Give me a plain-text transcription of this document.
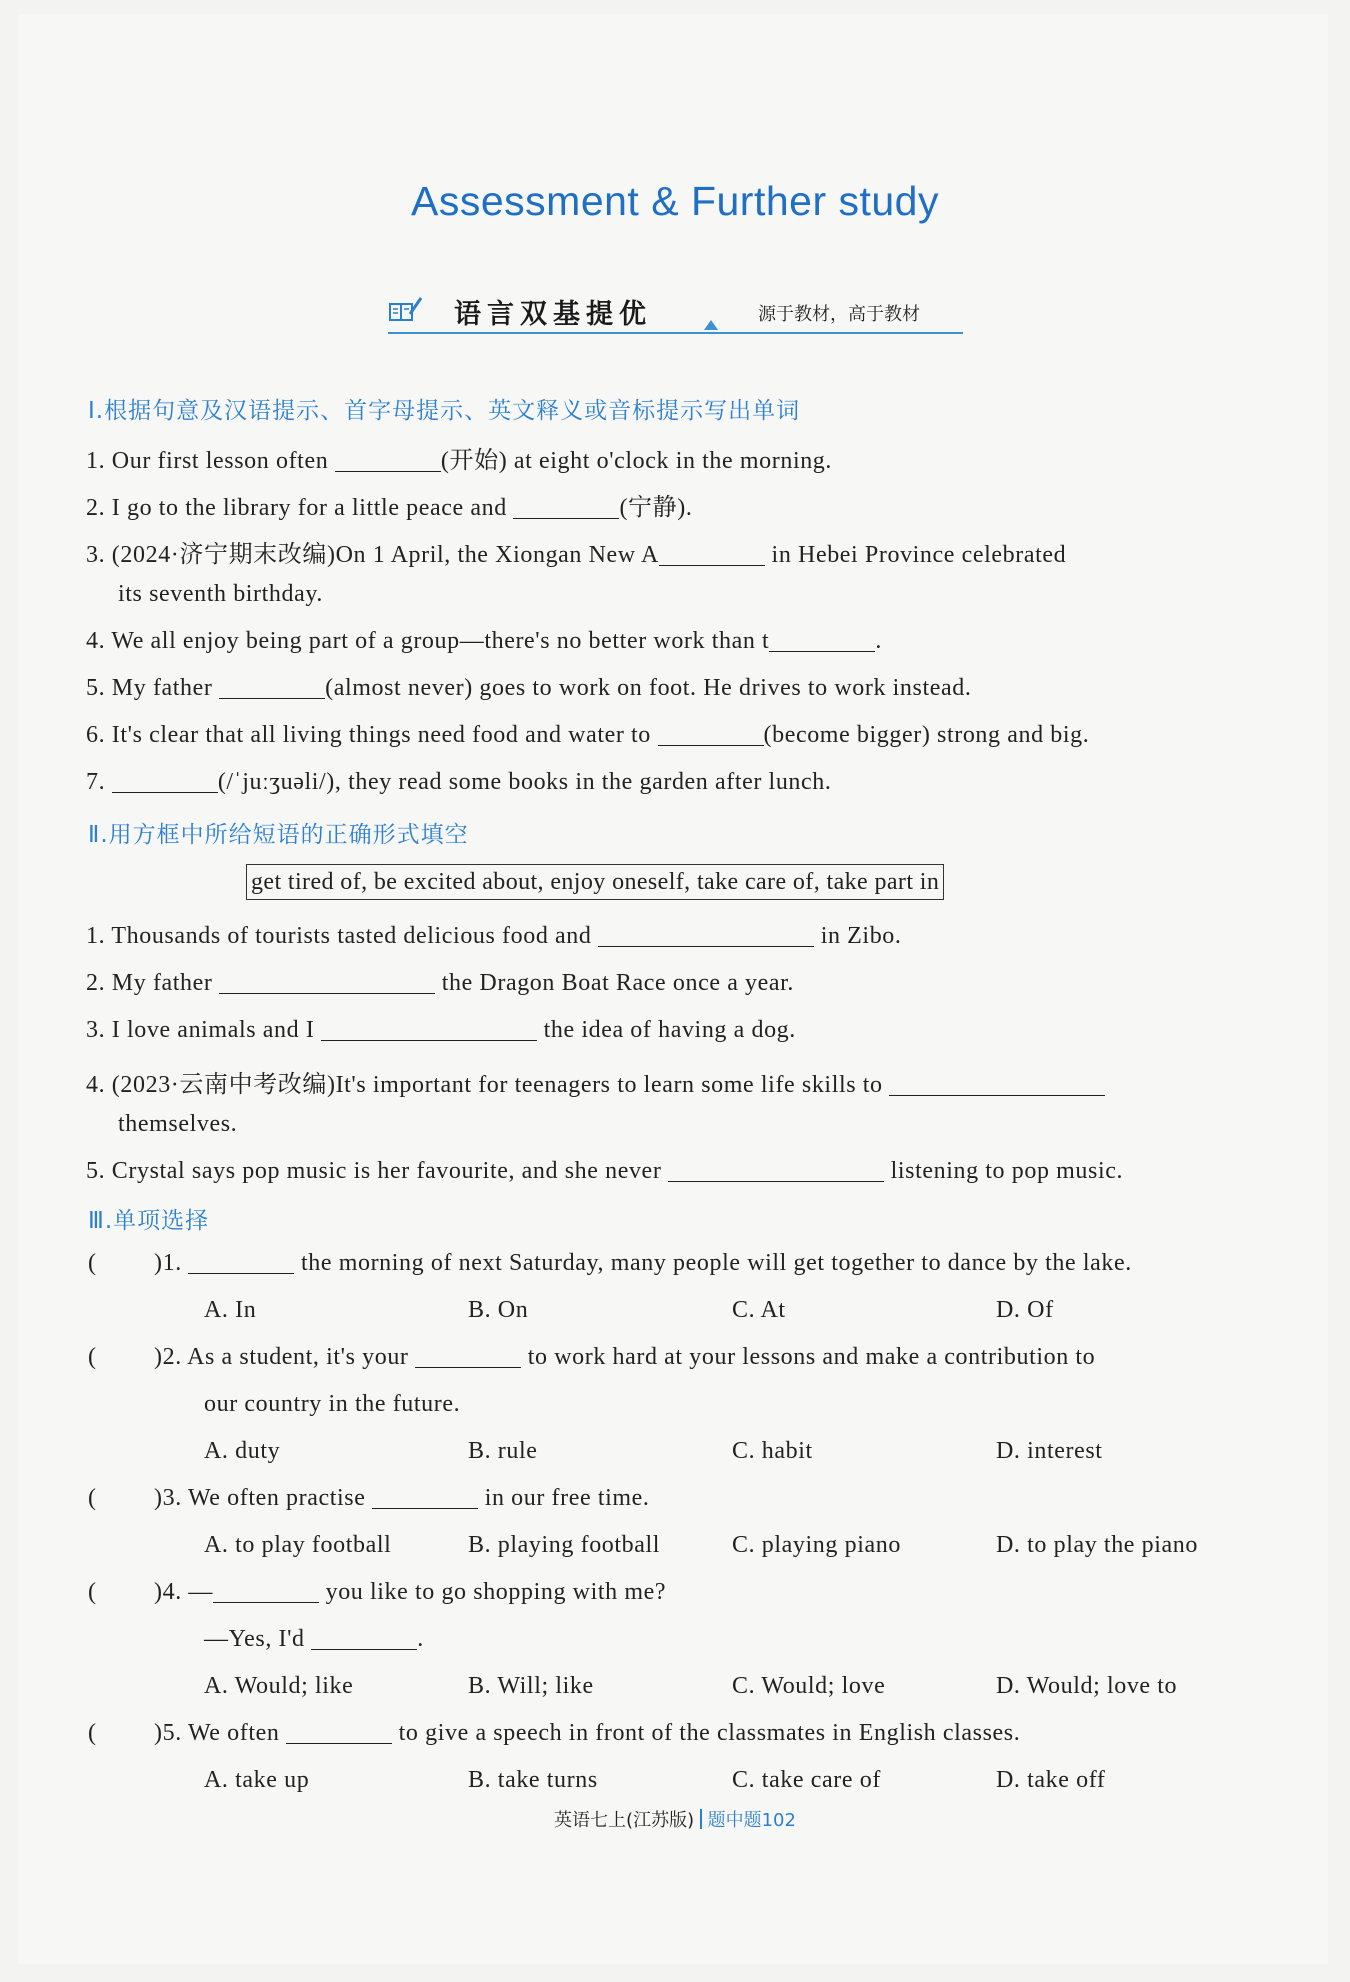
Assessment & Further study
语言双基提优	源于教材，高于教材
Ⅰ.根据句意及汉语提示、首字母提示、英文释义或音标提示写出单词
1. Our first lesson often	(开始) at eight o'clock in the morning.
2. I go to the library for a little peace and	(宁静).
3. (2024·济宁期末改编)On 1 April, the Xiongan New A	in Hebei Province celebrated
its seventh birthday.
4. We all enjoy being part of a group—there's no better work than t	.
5. My father	(almost never) goes to work on foot. He drives to work instead.
6. It's clear that all living things need food and water to	(become bigger) strong and big.
7.	(/ˈjuːʒuəli/), they read some books in the garden after lunch.
Ⅱ.用方框中所给短语的正确形式填空
get tired of, be excited about, enjoy oneself, take care of, take part in
1. Thousands of tourists tasted delicious food and	in Zibo.
2. My father	the Dragon Boat Race once a year.
3. I love animals and I	the idea of having a dog.
4. (2023·云南中考改编)It's important for teenagers to learn some life skills to
themselves.
5. Crystal says pop music is her favourite, and she never	listening to pop music.
Ⅲ.单项选择
( )1.	the morning of next Saturday, many people will get together to dance by the lake.
A. In	B. On	C. At	D. Of
( )2. As a student, it's your	to work hard at your lessons and make a contribution to
our country in the future.
A. duty	B. rule	C. habit	D. interest
( )3. We often practise	in our free time.
A. to play football	B. playing football	C. playing piano	D. to play the piano
( )4. —	you like to go shopping with me?
—Yes, I'd	.
A. Would; like	B. Will; like	C. Would; love	D. Would; love to
( )5. We often	to give a speech in front of the classmates in English classes.
A. take up	B. take turns	C. take care of	D. take off
英语七上(江苏版) 题中题102
